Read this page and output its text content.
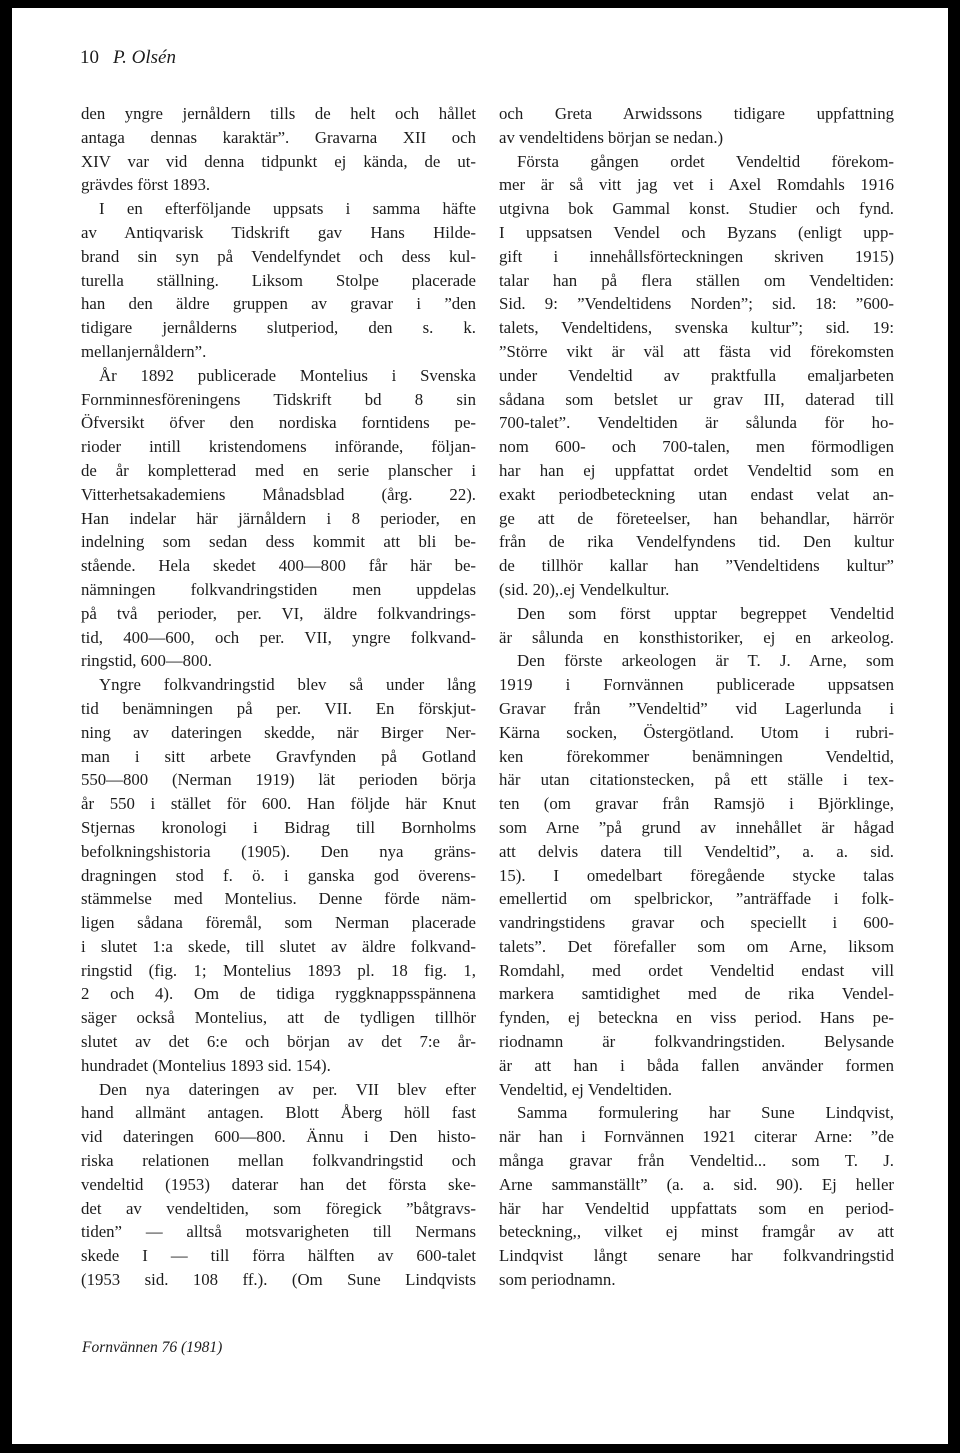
10 P. Olsén
den yngre jernåldern tills de helt och hållet
antaga dennas karaktär”. Gravarna XII och
XIV var vid denna tidpunkt ej kända, de ut-
grävdes först 1893.
I en efterföljande uppsats i samma häfte
av Antiqvarisk Tidskrift gav Hans Hilde-
brand sin syn på Vendelfyndet och dess kul-
turella ställning. Liksom Stolpe placerade
han den äldre gruppen av gravar i ”den
tidigare jernålderns slutperiod, den s. k.
mellanjernåldern”.
År 1892 publicerade Montelius i Svenska
Fornminnesföreningens Tidskrift bd 8 sin
Öfversikt öfver den nordiska forntidens pe-
rioder intill kristendomens införande, följan-
de år kompletterad med en serie planscher i
Vitterhetsakademiens Månadsblad (årg. 22).
Han indelar här järnåldern i 8 perioder, en
indelning som sedan dess kommit att bli be-
stående. Hela skedet 400—800 får här be-
nämningen folkvandringstiden men uppdelas
på två perioder, per. VI, äldre folkvandrings-
tid, 400—600, och per. VII, yngre folkvand-
ringstid, 600—800.
Yngre folkvandringstid blev så under lång
tid benämningen på per. VII. En förskjut-
ning av dateringen skedde, när Birger Ner-
man i sitt arbete Gravfynden på Gotland
550—800 (Nerman 1919) lät perioden börja
år 550 i stället för 600. Han följde här Knut
Stjernas kronologi i Bidrag till Bornholms
befolkningshistoria (1905). Den nya gräns-
dragningen stod f. ö. i ganska god överens-
stämmelse med Montelius. Denne förde näm-
ligen sådana föremål, som Nerman placerade
i slutet 1:a skede, till slutet av äldre folkvand-
ringstid (fig. 1; Montelius 1893 pl. 18 fig. 1,
2 och 4). Om de tidiga ryggknappsspännena
säger också Montelius, att de tydligen tillhör
slutet av det 6:e och början av det 7:e år-
hundradet (Montelius 1893 sid. 154).
Den nya dateringen av per. VII blev efter
hand allmänt antagen. Blott Åberg höll fast
vid dateringen 600—800. Ännu i Den histo-
riska relationen mellan folkvandringstid och
vendeltid (1953) daterar han det första ske-
det av vendeltiden, som föregick ”båtgravs-
tiden” — alltså motsvarigheten till Nermans
skede I — till förra hälften av 600-talet
(1953 sid. 108 ff.). (Om Sune Lindqvists
och Greta Arwidssons tidigare uppfattning
av vendeltidens början se nedan.)
Första gången ordet Vendeltid förekom-
mer är så vitt jag vet i Axel Romdahls 1916
utgivna bok Gammal konst. Studier och fynd.
I uppsatsen Vendel och Byzans (enligt upp-
gift i innehållsförteckningen skriven 1915)
talar han på flera ställen om Vendeltiden:
Sid. 9: ”Vendeltidens Norden”; sid. 18: ”600-
talets, Vendeltidens, svenska kultur”; sid. 19:
”Större vikt är väl att fästa vid förekomsten
under Vendeltid av praktfulla emaljarbeten
sådana som betslet ur grav III, daterad till
700-talet”. Vendeltiden är sålunda för ho-
nom 600- och 700-talen, men förmodligen
har han ej uppfattat ordet Vendeltid som en
exakt periodbeteckning utan endast velat an-
ge att de företeelser, han behandlar, härrör
från de rika Vendelfyndens tid. Den kultur
de tillhör kallar han ”Vendeltidens kultur”
(sid. 20),.ej Vendelkultur.
Den som först upptar begreppet Vendeltid
är sålunda en konsthistoriker, ej en arkeolog.
Den förste arkeologen är T. J. Arne, som
1919 i Fornvännen publicerade uppsatsen
Gravar från ”Vendeltid” vid Lagerlunda i
Kärna socken, Östergötland. Utom i rubri-
ken förekommer benämningen Vendeltid,
här utan citationstecken, på ett ställe i tex-
ten (om gravar från Ramsjö i Björklinge,
som Arne ”på grund av innehållet är hågad
att delvis datera till Vendeltid”, a. a. sid.
15). I omedelbart föregående stycke talas
emellertid om spelbrickor, ”anträffade i folk-
vandringstidens gravar och speciellt i 600-
talets”. Det förefaller som om Arne, liksom
Romdahl, med ordet Vendeltid endast vill
markera samtidighet med de rika Vendel-
fynden, ej beteckna en viss period. Hans pe-
riodnamn är folkvandringstiden. Belysande
är att han i båda fallen använder formen
Vendeltid, ej Vendeltiden.
Samma formulering har Sune Lindqvist,
när han i Fornvännen 1921 citerar Arne: ”de
många gravar från Vendeltid... som T. J.
Arne sammanställt” (a. a. sid. 90). Ej heller
här har Vendeltid uppfattats som en period-
beteckning,, vilket ej minst framgår av att
Lindqvist långt senare har folkvandringstid
som periodnamn.
Fornvännen 76 (1981)
